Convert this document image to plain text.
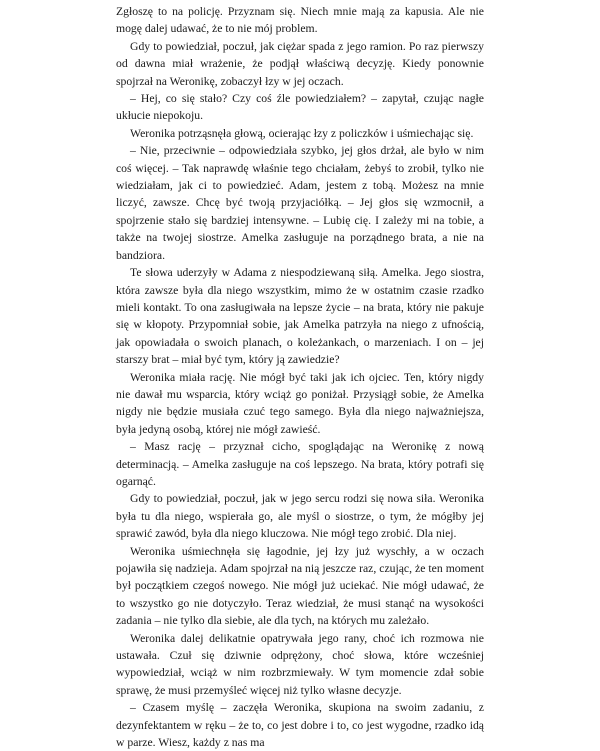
Zgłoszę to na policję. Przyznam się. Niech mnie mają za kapusia. Ale nie mogę dalej udawać, że to nie mój problem.

Gdy to powiedział, poczuł, jak ciężar spada z jego ramion. Po raz pierwszy od dawna miał wrażenie, że podjął właściwą decyzję. Kiedy ponownie spojrzał na Weronikę, zobaczył łzy w jej oczach.

– Hej, co się stało? Czy coś źle powiedziałem? – zapytał, czując nagłe ukłucie niepokoju.

Weronika potrząsnęła głową, ocierając łzy z policzków i uśmiechając się.

– Nie, przeciwnie – odpowiedziała szybko, jej głos drżał, ale było w nim coś więcej. – Tak naprawdę właśnie tego chciałam, żebyś to zrobił, tylko nie wiedziałam, jak ci to powiedzieć. Adam, jestem z tobą. Możesz na mnie liczyć, zawsze. Chcę być twoją przyjaciółką. – Jej głos się wzmocnił, a spojrzenie stało się bardziej intensywne. – Lubię cię. I zależy mi na tobie, a także na twojej siostrze. Amelka zasługuje na porządnego brata, a nie na bandziora.

Te słowa uderzyły w Adama z niespodziewaną siłą. Amelka. Jego siostra, która zawsze była dla niego wszystkim, mimo że w ostatnim czasie rzadko mieli kontakt. To ona zasługiwała na lepsze życie – na brata, który nie pakuje się w kłopoty. Przypomniał sobie, jak Amelka patrzyła na niego z ufnością, jak opowiadała o swoich planach, o koleżankach, o marzeniach. I on – jej starszy brat – miał być tym, który ją zawiedzie?

Weronika miała rację. Nie mógł być taki jak ich ojciec. Ten, który nigdy nie dawał mu wsparcia, który wciąż go poniżał. Przysiągł sobie, że Amelka nigdy nie będzie musiała czuć tego samego. Była dla niego najważniejsza, była jedyną osobą, której nie mógł zawieść.

– Masz rację – przyznał cicho, spoglądając na Weronikę z nową determinacją. – Amelka zasługuje na coś lepszego. Na brata, który potrafi się ogarnąć.

Gdy to powiedział, poczuł, jak w jego sercu rodzi się nowa siła. Weronika była tu dla niego, wspierała go, ale myśl o siostrze, o tym, że mógłby jej sprawić zawód, była dla niego kluczowa. Nie mógł tego zrobić. Dla niej.

Weronika uśmiechnęła się łagodnie, jej łzy już wyschły, a w oczach pojawiła się nadzieja. Adam spojrzał na nią jeszcze raz, czując, że ten moment był początkiem czegoś nowego. Nie mógł już uciekać. Nie mógł udawać, że to wszystko go nie dotyczyło. Teraz wiedział, że musi stanąć na wysokości zadania – nie tylko dla siebie, ale dla tych, na których mu zależało.

Weronika dalej delikatnie opatrywała jego rany, choć ich rozmowa nie ustawała. Czuł się dziwnie odprężony, choć słowa, które wcześniej wypowiedział, wciąż w nim rozbrzmiewały. W tym momencie zdał sobie sprawę, że musi przemyśleć więcej niż tylko własne decyzje.

– Czasem myślę – zaczęła Weronika, skupiona na swoim zadaniu, z dezynfektantem w ręku – że to, co jest dobre i to, co jest wygodne, rzadko idą w parze. Wiesz, każdy z nas ma
